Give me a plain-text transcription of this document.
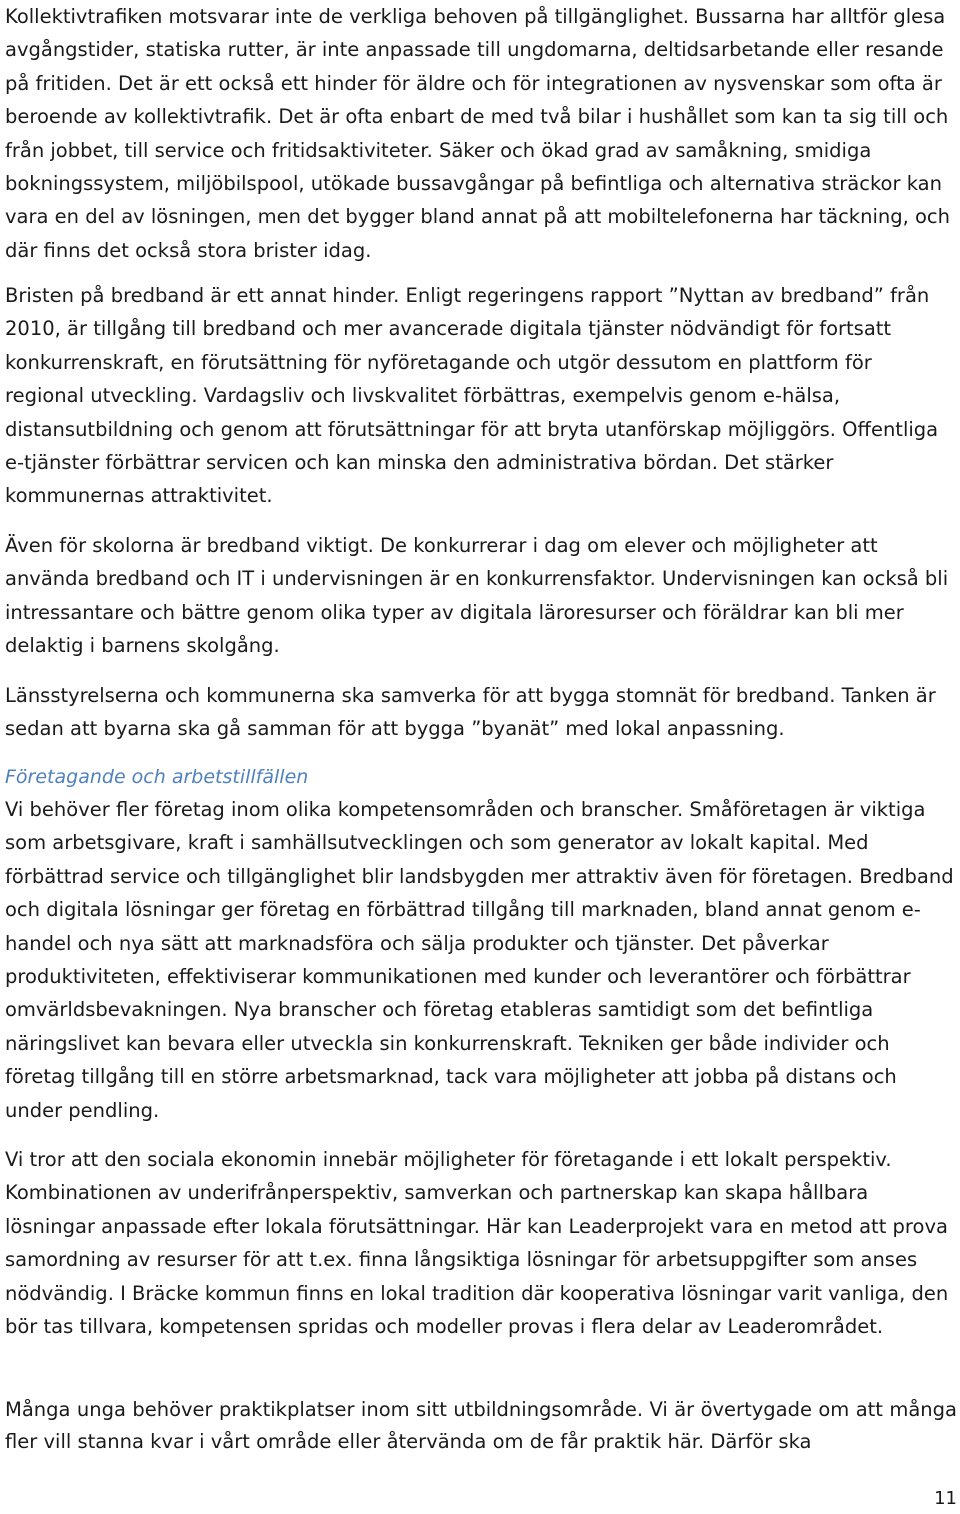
Kollektivtrafiken motsvarar inte de verkliga behoven på tillgänglighet. Bussarna har alltför glesa avgångstider, statiska rutter, är inte anpassade till ungdomarna, deltidsarbetande eller resande på fritiden. Det är ett också ett hinder för äldre och för integrationen av nysvenskar som ofta är beroende av kollektivtrafik. Det är ofta enbart de med två bilar i hushållet som kan ta sig till och från jobbet, till service och fritidsaktiviteter. Säker och ökad grad av samåkning, smidiga bokningssystem, miljöbilspool, utökade bussavgångar på befintliga och alternativa sträckor kan vara en del av lösningen, men det bygger bland annat på att mobiltelefonerna har täckning, och där finns det också stora brister idag.

Bristen på bredband är ett annat hinder. Enligt regeringens rapport ”Nyttan av bredband” från 2010, är tillgång till bredband och mer avancerade digitala tjänster nödvändigt för fortsatt konkurrenskraft, en förutsättning för nyföretagande och utgör dessutom en plattform för regional utveckling. Vardagsliv och livskvalitet förbättras, exempelvis genom e-hälsa, distansutbildning och genom att förutsättningar för att bryta utanförskap möjliggörs. Offentliga e-tjänster förbättrar servicen och kan minska den administrativa bördan. Det stärker kommunernas attraktivitet.

Även för skolorna är bredband viktigt. De konkurrerar i dag om elever och möjligheter att använda bredband och IT i undervisningen är en konkurrensfaktor. Undervisningen kan också bli intressantare och bättre genom olika typer av digitala läroresurser och föräldrar kan bli mer delaktig i barnens skolgång.

Länsstyrelserna och kommunerna ska samverka för att bygga stomnät för bredband. Tanken är sedan att byarna ska gå samman för att bygga ”byanät” med lokal anpassning.

Företagande och arbetstillfällen

Vi behöver fler företag inom olika kompetensområden och branscher. Småföretagen är viktiga som arbetsgivare, kraft i samhällsutvecklingen och som generator av lokalt kapital. Med förbättrad service och tillgänglighet blir landsbygden mer attraktiv även för företagen. Bredband och digitala lösningar ger företag en förbättrad tillgång till marknaden, bland annat genom e-handel och nya sätt att marknadsföra och sälja produkter och tjänster. Det påverkar produktiviteten, effektiviserar kommunikationen med kunder och leverantörer och förbättrar omvärldsbevakningen. Nya branscher och företag etableras samtidigt som det befintliga näringslivet kan bevara eller utveckla sin konkurrenskraft. Tekniken ger både individer och företag tillgång till en större arbetsmarknad, tack vara möjligheter att jobba på distans och under pendling.

Vi tror att den sociala ekonomin innebär möjligheter för företagande i ett lokalt perspektiv. Kombinationen av underifrånperspektiv, samverkan och partnerskap kan skapa hållbara lösningar anpassade efter lokala förutsättningar. Här kan Leaderprojekt vara en metod att prova samordning av resurser för att t.ex. finna långsiktiga lösningar för arbetsuppgifter som anses nödvändig. I Bräcke kommun finns en lokal tradition där kooperativa lösningar varit vanliga, den bör tas tillvara, kompetensen spridas och modeller provas i flera delar av Leaderområdet.

Många unga behöver praktikplatser inom sitt utbildningsområde. Vi är övertygade om att många fler vill stanna kvar i vårt område eller återvända om de får praktik här. Därför ska

11
